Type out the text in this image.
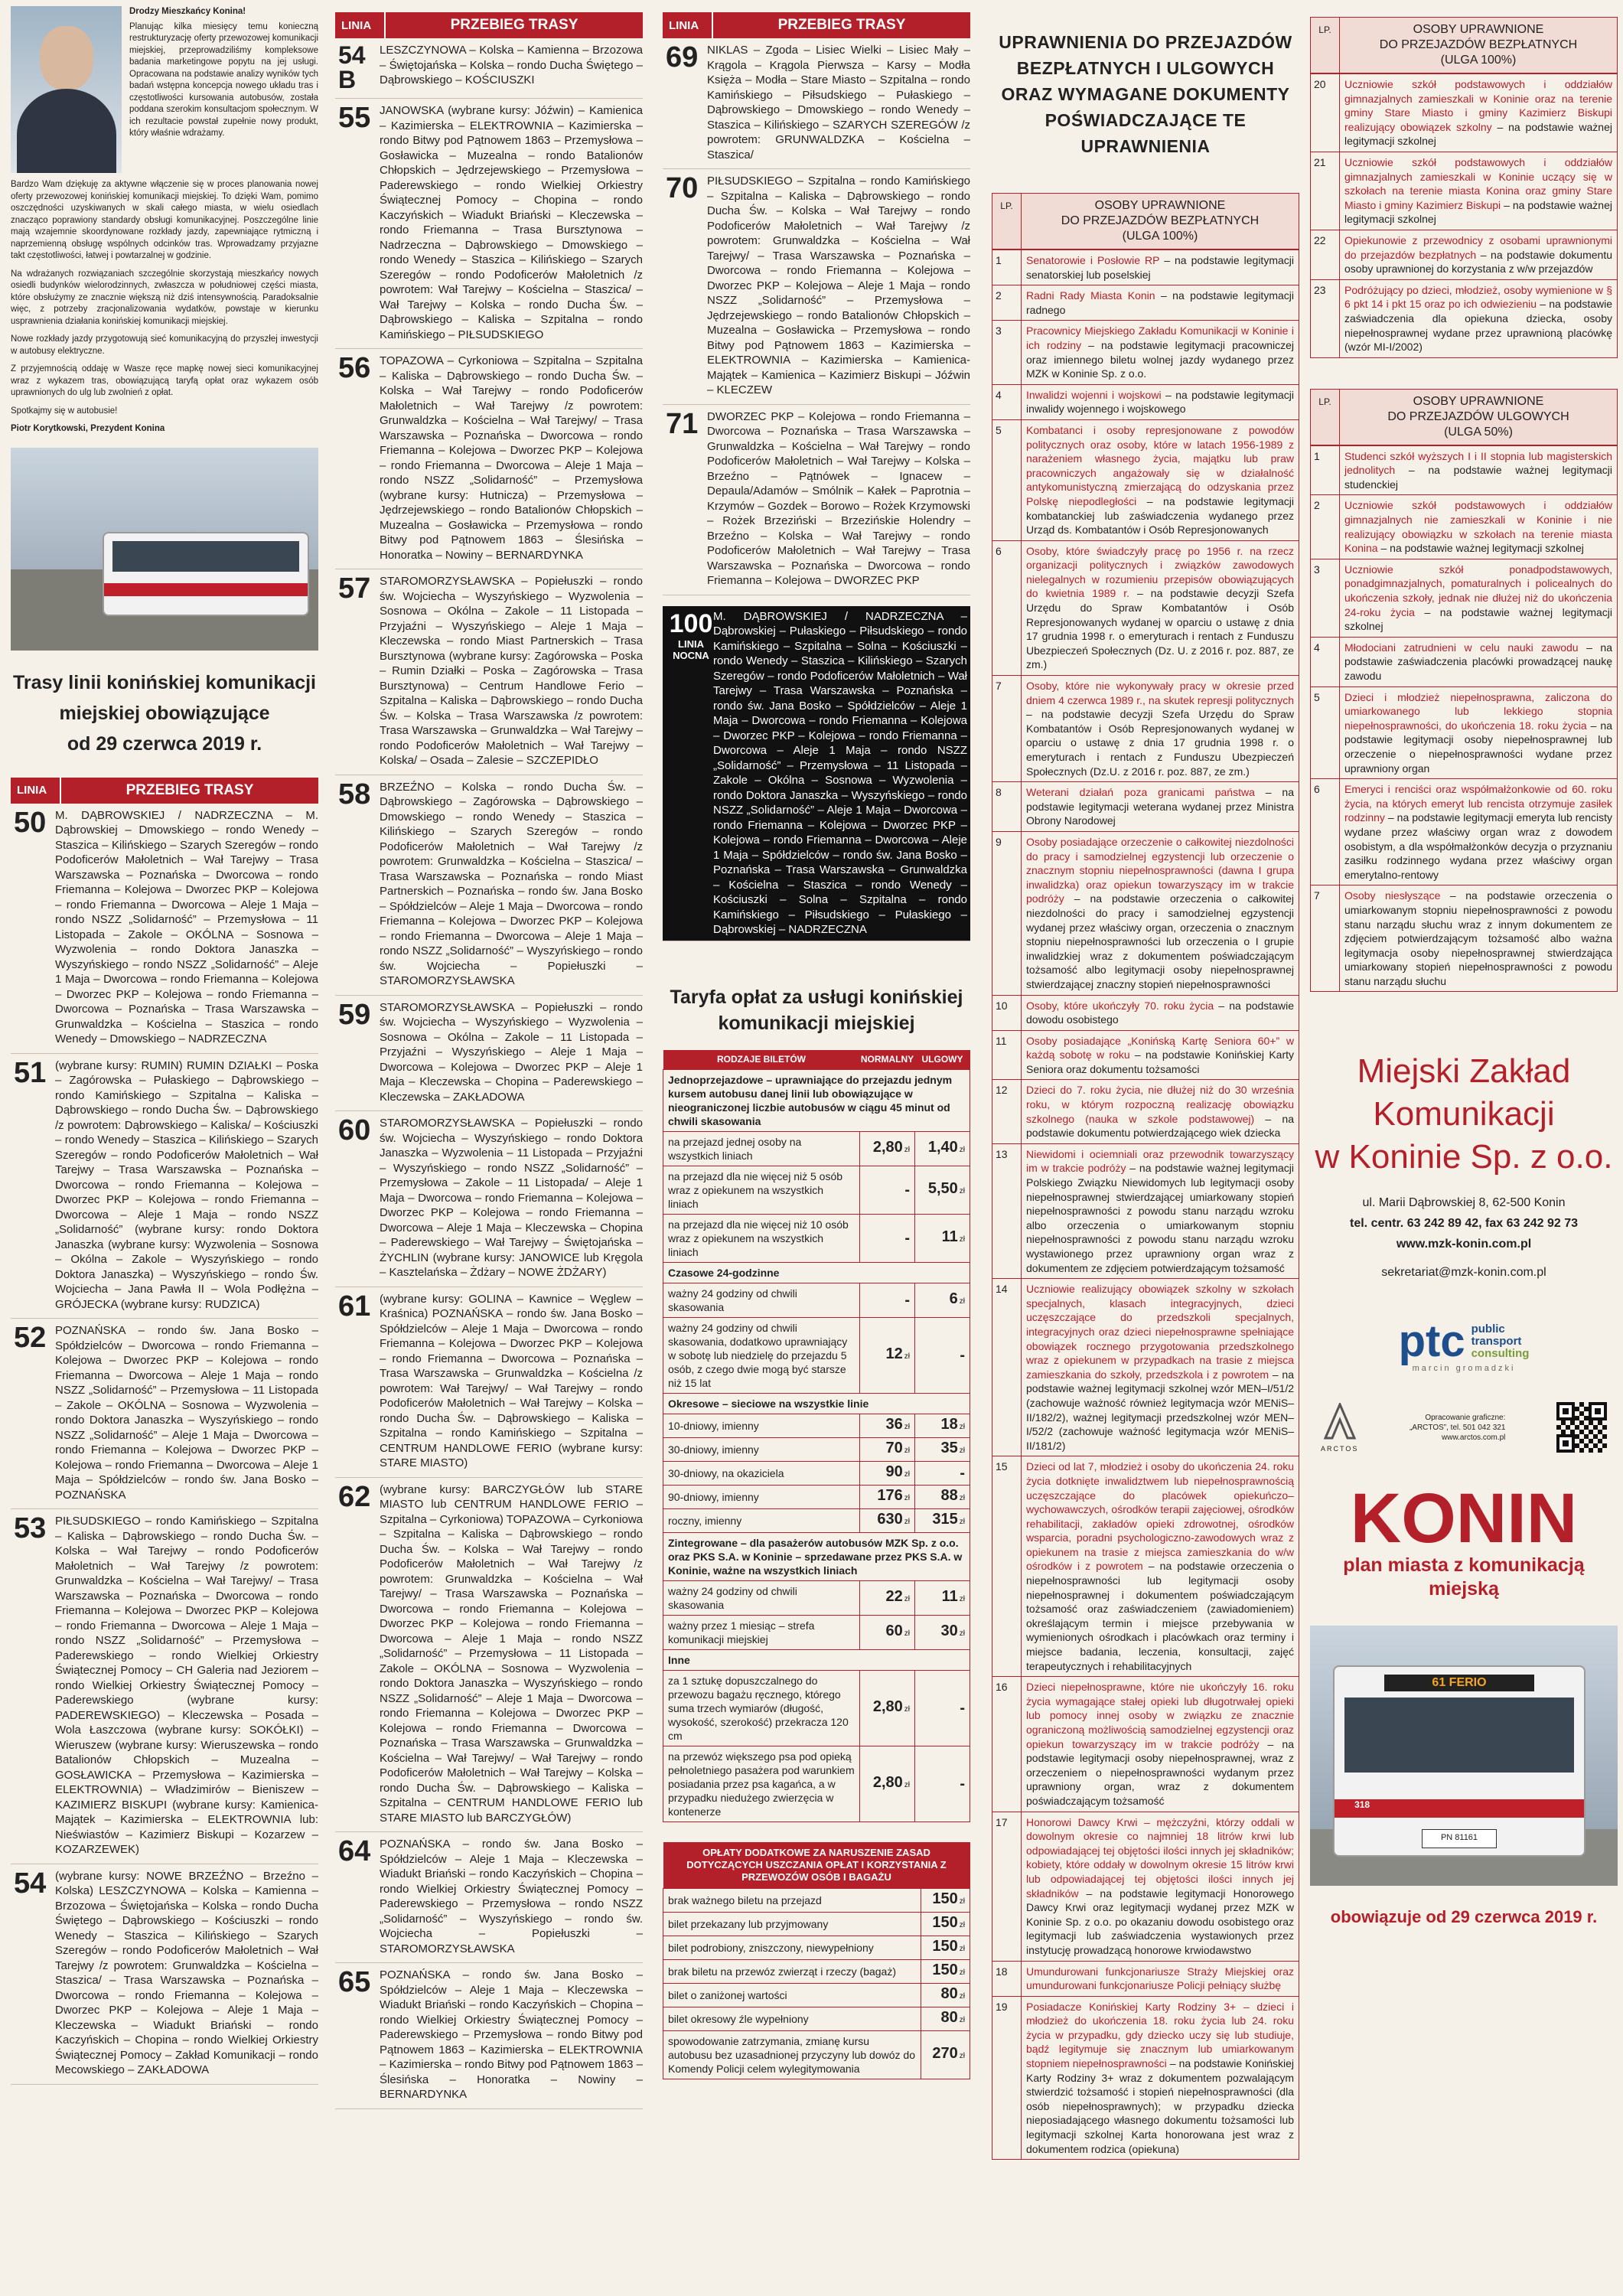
Drodzy Mieszkańcy Konina!
Planując kilka miesięcy temu konieczną restrukturyzację oferty przewozowej komunikacji miejskiej, przeprowadziliśmy kompleksowe badania marketingowe popytu na jej usługi. Opracowana na podstawie analizy wyników tych badań wstępna koncepcja nowego układu tras i częstotliwości kursowania autobusów, została poddana szerokim konsultacjom społecznym. W ich rezultacie powstał zupełnie nowy produkt, który właśnie wdrażamy.
Bardzo Wam dziękuję za aktywne włączenie się w proces planowania nowej oferty przewozowej konińskiej komunikacji miejskiej. To dzięki Wam, pomimo oszczędności uzyskiwanych w skali całego miasta, w wielu osiedlach znacząco poprawiony standardy obsługi komunikacyjnej. Poszczególne linie mają wzajemnie skoordynowane rozkłady jazdy, zapewniające rytmiczną i naprzemienną obsługę wspólnych odcinków tras. Wprowadzamy przyjazne takt częstotliwości, łatwej i powtarzalnej w godzinie.
Na wdrażanych rozwiązaniach szczególnie skorzystają mieszkańcy nowych osiedli budynków wielorodzinnych, zwłaszcza w południowej części miasta, które obsłużymy ze znacznie większą niż dziś intensywnością. Paradoksalnie więc, z potrzeby zracjonalizowania wydatków, powstaje w kierunku usprawnienia działania konińskiej komunikacji miejskiej.
Nowe rozkłady jazdy przygotowują sieć komunikacyjną do przyszłej inwestycji w autobusy elektryczne.
Z przyjemnością oddaję w Wasze ręce mapkę nowej sieci komunikacyjnej wraz z wykazem tras, obowiązującą taryfą opłat oraz wykazem osób uprawnionych do ulg lub zwolnień z opłat.
Spotkajmy się w autobusie!
Piotr Korytkowski, Prezydent Konina
Trasy linii konińskiej komunikacji
miejskiej obowiązujące
od 29 czerwca 2019 r.
LINIA	PRZEBIEG TRASY
50 M. DĄBROWSKIEJ / NADRZECZNA – M. Dąbrowskiej – Dmowskiego – rondo Wenedy – Staszica – Kilińskiego – Szarych Szeregów – rondo Podoficerów Małoletnich – Wał Tarejwy – Trasa Warszawska – Poznańska – Dworcowa – rondo Friemanna – Kolejowa – Dworzec PKP – Kolejowa – rondo Friemanna – Dworcowa – Aleje 1 Maja – rondo NSZZ „Solidarność” – Przemysłowa – 11 Listopada – Zakole – OKÓLNA – Sosnowa – Wyzwolenia – rondo Doktora Janaszka – Wyszyńskiego – rondo NSZZ „Solidarność” – Aleje 1 Maja – Dworcowa – rondo Friemanna – Kolejowa – Dworzec PKP – Kolejowa – rondo Friemanna – Dworcowa – Poznańska – Trasa Warszawska – Grunwaldzka – Kościelna – Staszica – rondo Wenedy – Dmowskiego – NADRZECZNA
51 (wybrane kursy: RUMIN) RUMIN DZIAŁKI – Poska – Zagórowska – Pułaskiego – Dąbrowskiego – rondo Kamińskiego – Szpitalna – Kaliska – Dąbrowskiego – rondo Ducha Św. – Dąbrowskiego /z powrotem: Dąbrowskiego – Kaliska/ – Kościuszki – rondo Wenedy – Staszica – Kilińskiego – Szarych Szeregów – rondo Podoficerów Małoletnich – Wał Tarejwy – Trasa Warszawska – Poznańska – Dworcowa – rondo Friemanna – Kolejowa – Dworzec PKP – Kolejowa – rondo Friemanna – Dworcowa – Aleje 1 Maja – rondo NSZZ „Solidarność” (wybrane kursy: rondo Doktora Janaszka (wybrane kursy: Wyzwolenia – Sosnowa – Okólna – Zakole – Wyszyńskiego – rondo Doktora Janaszka) – Wyszyńskiego – rondo Św. Wojciecha – Jana Pawła II – Wola Podłężna – GRÓJECKA (wybrane kursy: RUDZICA)
52 POZNAŃSKA – rondo św. Jana Bosko – Spółdzielców – Dworcowa – rondo Friemanna – Kolejowa – Dworzec PKP – Kolejowa – rondo Friemanna – Dworcowa – Aleje 1 Maja – rondo NSZZ „Solidarność” – Przemysłowa – 11 Listopada – Zakole – OKÓLNA – Sosnowa – Wyzwolenia – rondo Doktora Janaszka – Wyszyńskiego – rondo NSZZ „Solidarność” – Aleje 1 Maja – Dworcowa – rondo Friemanna – Kolejowa – Dworzec PKP – Kolejowa – rondo Friemanna – Dworcowa – Aleje 1 Maja – Spółdzielców – rondo św. Jana Bosko – POZNAŃSKA
53 PIŁSUDSKIEGO – rondo Kamińskiego – Szpitalna – Kaliska – Dąbrowskiego – rondo Ducha Św. – Kolska – Wał Tarejwy – rondo Podoficerów Małoletnich – Wał Tarejwy /z powrotem: Grunwaldzka – Kościelna – Wał Tarejwy/ – Trasa Warszawska – Poznańska – Dworcowa – rondo Friemanna – Kolejowa – Dworzec PKP – Kolejowa – rondo Friemanna – Dworcowa – Aleje 1 Maja – rondo NSZZ „Solidarność” – Przemysłowa – Paderewskiego – rondo Wielkiej Orkiestry Świątecznej Pomocy – CH Galeria nad Jeziorem – rondo Wielkiej Orkiestry Świątecznej Pomocy – Paderewskiego (wybrane kursy: PADEREWSKIEGO) – Kleczewska – Posada – Wola Łaszczowa (wybrane kursy: SOKÓŁKI) – Wieruszew (wybrane kursy: Wieruszewska – rondo Batalionów Chłopskich – Muzealna – GOSŁAWICKA – Przemysłowa – Kazimierska – ELEKTROWNIA) – Władzimirów – Bieniszew – KAZIMIERZ BISKUPI (wybrane kursy: Kamienica-Majątek – Kazimierska – ELEKTROWNIA lub: Nieświastów – Kazimierz Biskupi – Kozarzew – KOZARZEWEK)
54 (wybrane kursy: NOWE BRZEŹNO – Brzeźno – Kolska) LESZCZYNOWA – Kolska – Kamienna – Brzozowa – Świętojańska – Kolska – rondo Ducha Świętego – Dąbrowskiego – Kościuszki – rondo Wenedy – Staszica – Kilińskiego – Szarych Szeregów – rondo Podoficerów Małoletnich – Wał Tarejwy /z powrotem: Grunwaldzka – Kościelna – Staszica/ – Trasa Warszawska – Poznańska – Dworcowa – rondo Friemanna – Kolejowa – Dworzec PKP – Kolejowa – Aleje 1 Maja – Kleczewska – Wiadukt Briański – rondo Kaczyńskich – Chopina – rondo Wielkiej Orkiestry Świątecznej Pomocy – Zakład Komunikacji – rondo Mecowskiego – ZAKŁADOWA
LINIA	PRZEBIEG TRASY
54 B
LESZCZYNOWA – Kolska – Kamienna – Brzozowa – Świętojańska – Kolska – rondo Ducha Świętego – Dąbrowskiego – KOŚCIUSZKI
55 JANOWSKA (wybrane kursy: Jóźwin) – Kamienica – Kazimierska – ELEKTROWNIA – Kazimierska – rondo Bitwy pod Pątnowem 1863 – Przemysłowa – Gosławicka – Muzealna – rondo Batalionów Chłopskich – Jędrzejewskiego – Przemysłowa – Paderewskiego – rondo Wielkiej Orkiestry Świątecznej Pomocy – Chopina – rondo Kaczyńskich – Wiadukt Briański – Kleczewska – rondo Friemanna – Trasa Bursztynowa – Nadrzeczna – Dąbrowskiego – Dmowskiego – rondo Wenedy – Staszica – Kilińskiego – Szarych Szeregów – rondo Podoficerów Małoletnich /z powrotem: Wał Tarejwy – Kościelna – Staszica/ – Wał Tarejwy – Kolska – rondo Ducha Św. – Dąbrowskiego – Kaliska – Szpitalna – rondo Kamińskiego – PIŁSUDSKIEGO
56 TOPAZOWA – Cyrkoniowa – Szpitalna – Szpitalna – Kaliska – Dąbrowskiego – rondo Ducha Św. – Kolska – Wał Tarejwy – rondo Podoficerów Małoletnich – Wał Tarejwy /z powrotem: Grunwaldzka – Kościelna – Wał Tarejwy/ – Trasa Warszawska – Poznańska – Dworcowa – rondo Friemanna – Kolejowa – Dworzec PKP – Kolejowa – rondo Friemanna – Dworcowa – Aleje 1 Maja – rondo NSZZ „Solidarność” – Przemysłowa (wybrane kursy: Hutnicza) – Przemysłowa – Jędrzejewskiego – rondo Batalionów Chłopskich – Muzealna – Gosławicka – Przemysłowa – rondo Bitwy pod Pątnowem 1863 – Ślesińska – Honoratka – Nowiny – BERNARDYNKA
57 STAROMORZYSŁAWSKA – Popiełuszki – rondo św. Wojciecha – Wyszyńskiego – Wyzwolenia – Sosnowa – Okólna – Zakole – 11 Listopada – Przyjaźni – Wyszyńskiego – Aleje 1 Maja – Kleczewska – rondo Miast Partnerskich – Trasa Bursztynowa (wybrane kursy: Zagórowska – Poska – Rumin Działki – Poska – Zagórowska – Trasa Bursztynowa) – Centrum Handlowe Ferio – Szpitalna – Kaliska – Dąbrowskiego – rondo Ducha Św. – Kolska – Trasa Warszawska /z powrotem: Trasa Warszawska – Grunwaldzka – Wał Tarejwy – rondo Podoficerów Małoletnich – Wał Tarejwy – Kolska/ – Osada – Zalesie – SZCZEPIDŁO
58 BRZEŹNO – Kolska – rondo Ducha Św. – Dąbrowskiego – Zagórowska – Dąbrowskiego – Dmowskiego – rondo Wenedy – Staszica – Kilińskiego – Szarych Szeregów – rondo Podoficerów Małoletnich – Wał Tarejwy /z powrotem: Grunwaldzka – Kościelna – Staszica/ – Trasa Warszawska – Poznańska – rondo Miast Partnerskich – Poznańska – rondo św. Jana Bosko – Spółdzielców – Aleje 1 Maja – Dworcowa – rondo Friemanna – Kolejowa – Dworzec PKP – Kolejowa – rondo Friemanna – Dworcowa – Aleje 1 Maja – rondo NSZZ „Solidarność” – Wyszyńskiego – rondo św. Wojciecha – Popiełuszki – STAROMORZYSŁAWSKA
59 STAROMORZYSŁAWSKA – Popiełuszki – rondo św. Wojciecha – Wyszyńskiego – Wyzwolenia – Sosnowa – Okólna – Zakole – 11 Listopada – Przyjaźni – Wyszyńskiego – Aleje 1 Maja – Dworcowa – Kolejowa – Dworzec PKP – Aleje 1 Maja – Kleczewska – Chopina – Paderewskiego – Kleczewska – ZAKŁADOWA
60 STAROMORZYSŁAWSKA – Popiełuszki – rondo św. Wojciecha – Wyszyńskiego – rondo Doktora Janaszka – Wyzwolenia – 11 Listopada – Przyjaźni – Wyszyńskiego – rondo NSZZ „Solidarność” – Przemysłowa – Zakole – 11 Listopada/ – Aleje 1 Maja – Dworcowa – rondo Friemanna – Kolejowa – Dworzec PKP – Kolejowa – rondo Friemanna – Dworcowa – Aleje 1 Maja – Kleczewska – Chopina – Paderewskiego – Wał Tarejwy – Świętojańska – ŻYCHLIN (wybrane kursy: JANOWICE lub Kręgola – Kasztelańska – Żdżary – NOWE ŻDŻARY)
61 (wybrane kursy: GOLINA – Kawnice – Węglew – Kraśnica) POZNAŃSKA – rondo św. Jana Bosko – Spółdzielców – Aleje 1 Maja – Dworcowa – rondo Friemanna – Kolejowa – Dworzec PKP – Kolejowa – rondo Friemanna – Dworcowa – Poznańska – Trasa Warszawska – Grunwaldzka – Kościelna /z powrotem: Wał Tarejwy/ – Wał Tarejwy – rondo Podoficerów Małoletnich – Wał Tarejwy – Kolska – rondo Ducha Św. – Dąbrowskiego – Kaliska – Szpitalna – rondo Kamińskiego – Szpitalna – CENTRUM HANDLOWE FERIO (wybrane kursy: STARE MIASTO)
62 (wybrane kursy: BARCZYGŁÓW lub STARE MIASTO lub CENTRUM HANDLOWE FERIO – Szpitalna – Cyrkoniowa) TOPAZOWA – Cyrkoniowa – Szpitalna – Kaliska – Dąbrowskiego – rondo Ducha Św. – Kolska – Wał Tarejwy – rondo Podoficerów Małoletnich – Wał Tarejwy /z powrotem: Grunwaldzka – Kościelna – Wał Tarejwy/ – Trasa Warszawska – Poznańska – Dworcowa – rondo Friemanna – Kolejowa – Dworzec PKP – Kolejowa – rondo Friemanna – Dworcowa – Aleje 1 Maja – rondo NSZZ „Solidarność” – Przemysłowa – 11 Listopada – Zakole – OKÓLNA – Sosnowa – Wyzwolenia – rondo Doktora Janaszka – Wyszyńskiego – rondo NSZZ „Solidarność” – Aleje 1 Maja – Dworcowa – rondo Friemanna – Kolejowa – Dworzec PKP – Kolejowa – rondo Friemanna – Dworcowa – Poznańska – Trasa Warszawska – Grunwaldzka – Kościelna – Wał Tarejwy/ – Wał Tarejwy – rondo Podoficerów Małoletnich – Wał Tarejwy – Kolska – rondo Ducha Św. – Dąbrowskiego – Kaliska – Szpitalna – CENTRUM HANDLOWE FERIO lub STARE MIASTO lub BARCZYGŁÓW)
64 POZNAŃSKA – rondo św. Jana Bosko – Spółdzielców – Aleje 1 Maja – Kleczewska – Wiadukt Briański – rondo Kaczyńskich – Chopina – rondo Wielkiej Orkiestry Świątecznej Pomocy – Paderewskiego – Przemysłowa – rondo NSZZ „Solidarność” – Wyszyńskiego – rondo św. Wojciecha – Popiełuszki – STAROMORZYSŁAWSKA
65 POZNAŃSKA – rondo św. Jana Bosko – Spółdzielców – Aleje 1 Maja – Kleczewska – Wiadukt Briański – rondo Kaczyńskich – Chopina – rondo Wielkiej Orkiestry Świątecznej Pomocy – Paderewskiego – Przemysłowa – rondo Bitwy pod Pątnowem 1863 – Kazimierska – ELEKTROWNIA – Kazimierska – rondo Bitwy pod Pątnowem 1863 – Ślesińska – Honoratka – Nowiny – BERNARDYNKA
LINIA	PRZEBIEG TRASY
69 NIKLAS – Zgoda – Lisiec Wielki – Lisiec Mały – Krągola – Krągola Pierwsza – Karsy – Modła Księża – Modła – Stare Miasto – Szpitalna – rondo Kamińskiego – Piłsudskiego – Pułaskiego – Dąbrowskiego – Dmowskiego – rondo Wenedy – Staszica – Kilińskiego – SZARYCH SZEREGÓW /z powrotem: GRUNWALDZKA – Kościelna – Staszica/
70 PIŁSUDSKIEGO – Szpitalna – rondo Kamińskiego – Szpitalna – Kaliska – Dąbrowskiego – rondo Ducha Św. – Kolska – Wał Tarejwy – rondo Podoficerów Małoletnich – Wał Tarejwy /z powrotem: Grunwaldzka – Kościelna – Wał Tarejwy/ – Trasa Warszawska – Poznańska – Dworcowa – rondo Friemanna – Kolejowa – Dworzec PKP – Kolejowa – Aleje 1 Maja – rondo NSZZ „Solidarność” – Przemysłowa – Jędrzejewskiego – rondo Batalionów Chłopskich – Muzealna – Gosławicka – Przemysłowa – rondo Bitwy pod Pątnowem 1863 – Kazimierska – ELEKTROWNIA – Kazimierska – Kamienica-Majątek – Kamienica – Kazimierz Biskupi – Jóźwin – KLECZEW
71 DWORZEC PKP – Kolejowa – rondo Friemanna – Dworcowa – Poznańska – Trasa Warszawska – Grunwaldzka – Kościelna – Wał Tarejwy – rondo Podoficerów Małoletnich – Wał Tarejwy – Kolska – Brzeźno – Pątnówek – Ignacew – Depaula/Adamów – Smólnik – Kałek – Paprotnia – Krzymów – Gozdek – Borowo – Rożek Krzymowski – Rożek Brzeziński – Brzezińskie Holendry – Brzeźno – Kolska – Wał Tarejwy – rondo Podoficerów Małoletnich – Wał Tarejwy – Trasa Warszawska – Poznańska – Dworcowa – rondo Friemanna – Kolejowa – DWORZEC PKP
100
LINIA
NOCNA
M. DĄBROWSKIEJ / NADRZECZNA – Dąbrowskiej – Pułaskiego – Piłsudskiego – rondo Kamińskiego – Szpitalna – Solna – Kościuszki – rondo Wenedy – Staszica – Kilińskiego – Szarych Szeregów – rondo Podoficerów Małoletnich – Wał Tarejwy – Trasa Warszawska – Poznańska – rondo św. Jana Bosko – Spółdzielców – Aleje 1 Maja – Dworcowa – rondo Friemanna – Kolejowa – Dworzec PKP – Kolejowa – rondo Friemanna – Dworcowa – Aleje 1 Maja – rondo NSZZ „Solidarność” – Przemysłowa – 11 Listopada – Zakole – Okólna – Sosnowa – Wyzwolenia – rondo Doktora Janaszka – Wyszyńskiego – rondo NSZZ „Solidarność” – Aleje 1 Maja – Dworcowa – rondo Friemanna – Kolejowa – Dworzec PKP – Kolejowa – rondo Friemanna – Dworcowa – Aleje 1 Maja – Spółdzielców – rondo św. Jana Bosko – Poznańska – Trasa Warszawska – Grunwaldzka – Kościelna – Staszica – rondo Wenedy – Kościuszki – Solna – Szpitalna – rondo Kamińskiego – Piłsudskiego – Pułaskiego – Dąbrowskiej – NADRZECZNA
Taryfa opłat za usługi konińskiej
komunikacji miejskiej
RODZAJE BILETÓW	NORMALNY	ULGOWY
Jednoprzejazdowe – uprawniające do przejazdu jednym kursem autobusu danej linii lub obowiązujące w nieograniczonej liczbie autobusów w ciągu 45 minut od chwili skasowania		
na przejazd jednej osoby na wszystkich liniach	2,80 zł	1,40 zł
na przejazd dla nie więcej niż 5 osób wraz z opiekunem na wszystkich liniach	-	5,50 zł
na przejazd dla nie więcej niż 10 osób wraz z opiekunem na wszystkich liniach	-	11 zł
Czasowe 24-godzinne		
ważny 24 godziny od chwili skasowania	-	6 zł
ważny 24 godziny od chwili skasowania, dodatkowo uprawniający w sobotę lub niedzielę do przejazdu 5 osób, z czego dwie mogą być starsze niż 15 lat	12 zł	-
Okresowe – sieciowe na wszystkie linie		
10-dniowy, imienny	36 zł	18 zł
30-dniowy, imienny	70 zł	35 zł
30-dniowy, na okaziciela	90 zł	-
90-dniowy, imienny	176 zł	88 zł
roczny, imienny	630 zł	315 zł
Zintegrowane – dla pasażerów autobusów MZK Sp. z o.o. oraz PKS S.A. w Koninie – sprzedawane przez PKS S.A. w Koninie, ważne na wszystkich liniach		
ważny 24 godziny od chwili skasowania	22 zł	11 zł
ważny przez 1 miesiąc – strefa komunikacji miejskiej	60 zł	30 zł
Inne		
za 1 sztukę dopuszczalnego do przewozu bagażu ręcznego, którego suma trzech wymiarów (długość, wysokość, szerokość) przekracza 120 cm	2,80 zł	-
na przewóz większego psa pod opieką pełnoletniego pasażera pod warunkiem posiadania przez psa kagańca, a w przypadku niedużego zwierzęcia w kontenerze	2,80 zł	-
OPŁATY DODATKOWE ZA NARUSZENIE ZASAD DOTYCZĄCYCH USZCZANIA OPŁAT I KORZYSTANIA Z PRZEWOZÓW OSÓB I BAGAŻU	
brak ważnego biletu na przejazd	150 zł
bilet przekazany lub przyjmowany	150 zł
bilet podrobiony, zniszczony, niewypełniony	150 zł
brak biletu na przewóz zwierząt i rzeczy (bagaż)	150 zł
bilet o zaniżonej wartości	80 zł
bilet okresowy źle wypełniony	80 zł
spowodowanie zatrzymania, zmianę kursu autobusu bez uzasadnionej przyczyny lub dowóz do Komendy Policji celem wylegitymowania	270 zł
UPRAWNIENIA DO PRZEJAZDÓW
BEZPŁATNYCH I ULGOWYCH
ORAZ WYMAGANE DOKUMENTY
POŚWIADCZAJĄCE TE UPRAWNIENIA
LP.	OSOBY UPRAWNIONE
DO PRZEJAZDÓW BEZPŁATNYCH
(ULGA 100%)
1	Senatorowie i Posłowie RP – na podstawie legitymacji senatorskiej lub poselskiej
2	Radni Rady Miasta Konin – na podstawie legitymacji radnego
3	Pracownicy Miejskiego Zakładu Komunikacji w Koninie i ich rodziny – na podstawie legitymacji pracowniczej oraz imiennego biletu wolnej jazdy wydanego przez MZK w Koninie Sp. z o.o.
4	Inwalidzi wojenni i wojskowi – na podstawie legitymacji inwalidy wojennego i wojskowego
5	Kombatanci i osoby represjonowane z powodów politycznych oraz osoby, które w latach 1956-1989 z narażeniem własnego życia, majątku lub praw pracowniczych angażowały się w działalność antykomunistyczną zmierzającą do odzyskania przez Polskę niepodległości – na podstawie legitymacji kombatanckiej lub zaświadczenia wydanego przez Urząd ds. Kombatantów i Osób Represjonowanych
6	Osoby, które świadczyły pracę po 1956 r. na rzecz organizacji politycznych i związków zawodowych nielegalnych w rozumieniu przepisów obowiązujących do kwietnia 1989 r. – na podstawie decyzji Szefa Urzędu do Spraw Kombatantów i Osób Represjonowanych wydanej w oparciu o ustawę z dnia 17 grudnia 1998 r. o emeryturach i rentach z Funduszu Ubezpieczeń Społecznych (Dz. U. z 2016 r. poz. 887, ze zm.)
7	Osoby, które nie wykonywały pracy w okresie przed dniem 4 czerwca 1989 r., na skutek represji politycznych – na podstawie decyzji Szefa Urzędu do Spraw Kombatantów i Osób Represjonowanych wydanej w oparciu o ustawę z dnia 17 grudnia 1998 r. o emeryturach i rentach z Funduszu Ubezpieczeń Społecznych (Dz.U. z 2016 r. poz. 887, ze zm.)
8	Weterani działań poza granicami państwa – na podstawie legitymacji weterana wydanej przez Ministra Obrony Narodowej
9	Osoby posiadające orzeczenie o całkowitej niezdolności do pracy i samodzielnej egzystencji lub orzeczenie o znacznym stopniu niepełnosprawności (dawna I grupa inwalidzka) oraz opiekun towarzyszący im w trakcie podróży – na podstawie orzeczenia o całkowitej niezdolności do pracy i samodzielnej egzystencji wydanej przez właściwy organ, orzeczenia o znacznym stopniu niepełnosprawności lub orzeczenia o I grupie inwalidzkiej wraz z dokumentem poświadczającym tożsamość albo legitymacji osoby niepełnosprawnej stwierdzającej znaczny stopień niepełnosprawności
10	Osoby, które ukończyły 70. roku życia – na podstawie dowodu osobistego
11	Osoby posiadające „Konińską Kartę Seniora 60+” w każdą sobotę w roku – na podstawie Konińskiej Karty Seniora oraz dokumentu tożsamości
12	Dzieci do 7. roku życia, nie dłużej niż do 30 września roku, w którym rozpoczną realizację obowiązku szkolnego (nauka w szkole podstawowej) – na podstawie dokumentu potwierdzającego wiek dziecka
13	Niewidomi i ociemniali oraz przewodnik towarzyszący im w trakcie podróży – na podstawie ważnej legitymacji Polskiego Związku Niewidomych lub legitymacji osoby niepełnosprawnej stwierdzającej umiarkowany stopień niepełnosprawności z powodu stanu narządu wzroku albo orzeczenia o umiarkowanym stopniu niepełnosprawności z powodu stanu narządu wzroku wystawionego przez uprawniony organ wraz z dokumentem ze zdjęciem potwierdzającym tożsamość
14	Uczniowie realizujący obowiązek szkolny w szkołach specjalnych, klasach integracyjnych, dzieci uczęszczające do przedszkoli specjalnych, integracyjnych oraz dzieci niepełnosprawne spełniające obowiązek rocznego przygotowania przedszkolnego wraz z opiekunem w przypadkach na trasie z miejsca zamieszkania do szkoły, przedszkola i z powrotem – na podstawie ważnej legitymacji szkolnej wzór MEN–I/51/2 (zachowuje ważność również legitymacja wzór MENiS–II/182/2), ważnej legitymacji przedszkolnej wzór MEN–I/52/2 (zachowuje ważność legitymacja wzór MENiS–II/181/2)
15	Dzieci od lat 7, młodzież i osoby do ukończenia 24. roku życia dotknięte inwalidztwem lub niepełnosprawnością uczęszczające do placówek opiekuńczo–wychowawczych, ośrodków terapii zajęciowej, ośrodków rehabilitacji, zakładów opieki zdrowotnej, ośrodków wsparcia, poradni psychologiczno-zawodowych wraz z opiekunem na trasie z miejsca zamieszkania do w/w ośrodków i z powrotem – na podstawie orzeczenia o niepełnosprawności lub legitymacji osoby niepełnosprawnej i dokumentem poświadczającym tożsamość oraz zaświadczeniem (zawiadomieniem) określającym termin i miejsce przebywania w wymienionych ośrodkach i placówkach oraz terminy i miejsce badania, leczenia, konsultacji, zajęć terapeutycznych i rehabilitacyjnych
16	Dzieci niepełnosprawne, które nie ukończyły 16. roku życia wymagające stałej opieki lub długotrwałej opieki lub pomocy innej osoby w związku ze znacznie ograniczoną możliwością samodzielnej egzystencji oraz opiekun towarzyszący im w trakcie podróży – na podstawie legitymacji osoby niepełnosprawnej, wraz z orzeczeniem o niepełnosprawności wydanym przez uprawniony organ, wraz z dokumentem poświadczającym tożsamość
17	Honorowi Dawcy Krwi – mężczyźni, którzy oddali w dowolnym okresie co najmniej 18 litrów krwi lub odpowiadającej tej objętości ilości innych jej składników; kobiety, które oddały w dowolnym okresie 15 litrów krwi lub odpowiadającej tej objętości ilości innych jej składników – na podstawie legitymacji Honorowego Dawcy Krwi oraz legitymacji wydanej przez MZK w Koninie Sp. z o.o. po okazaniu dowodu osobistego oraz legitymacji lub zaświadczenia wystawionych przez instytucję prowadzącą honorowe krwiodawstwo
18	Umundurowani funkcjonariusze Straży Miejskiej oraz umundurowani funkcjonariusze Policji pełniący służbę
19	Posiadacze Konińskiej Karty Rodziny 3+ – dzieci i młodzież do ukończenia 18. roku życia lub 24. roku życia w przypadku, gdy dziecko uczy się lub studiuje, bądź legitymuje się znacznym lub umiarkowanym stopniem niepełnosprawności – na podstawie Konińskiej Karty Rodziny 3+ wraz z dokumentem pozwalającym stwierdzić tożsamość i stopień niepełnosprawności (dla osób niepełnosprawnych); w przypadku dziecka nieposiadającego własnego dokumentu tożsamości lub legitymacji szkolnej Karta honorowana jest wraz z dokumentem rodzica (opiekuna)
LP.	OSOBY UPRAWNIONE
DO PRZEJAZDÓW BEZPŁATNYCH
(ULGA 100%)
20	Uczniowie szkół podstawowych i oddziałów gimnazjalnych zamieszkali w Koninie oraz na terenie gminy Stare Miasto i gminy Kazimierz Biskupi realizujący obowiązek szkolny – na podstawie ważnej legitymacji szkolnej
21	Uczniowie szkół podstawowych i oddziałów gimnazjalnych zamieszkali w Koninie uczący się w szkołach na terenie miasta Konina oraz gminy Stare Miasto i gminy Kazimierz Biskupi – na podstawie ważnej legitymacji szkolnej
22	Opiekunowie z przewodnicy z osobami uprawnionymi do przejazdów bezpłatnych – na podstawie dokumentu osoby uprawnionej do korzystania z w/w przejazdów
23	Podróżujący po dzieci, młodzież, osoby wymienione w § 6 pkt 14 i pkt 15 oraz po ich odwiezieniu – na podstawie zaświadczenia dla opiekuna dziecka, osoby niepełnosprawnej wydane przez uprawnioną placówkę (wzór MI-I/2002)
LP.	OSOBY UPRAWNIONE
DO PRZEJAZDÓW ULGOWYCH
(ULGA 50%)
1	Studenci szkół wyższych I i II stopnia lub magisterskich jednolitych – na podstawie ważnej legitymacji studenckiej
2	Uczniowie szkół podstawowych i oddziałów gimnazjalnych nie zamieszkali w Koninie i nie realizujący obowiązku w szkołach na terenie miasta Konina – na podstawie ważnej legitymacji szkolnej
3	Uczniowie szkół ponadpodstawowych, ponadgimnazjalnych, pomaturalnych i policealnych do ukończenia szkoły, jednak nie dłużej niż do ukończenia 24-roku życia – na podstawie ważnej legitymacji szkolnej
4	Młodociani zatrudnieni w celu nauki zawodu – na podstawie zaświadczenia placówki prowadzącej naukę zawodu
5	Dzieci i młodzież niepełnosprawna, zaliczona do umiarkowanego lub lekkiego stopnia niepełnosprawności, do ukończenia 18. roku życia – na podstawie legitymacji osoby niepełnosprawnej lub orzeczenie o niepełnosprawności wydane przez uprawniony organ
6	Emeryci i renciści oraz współmałżonkowie od 60. roku życia, na których emeryt lub rencista otrzymuje zasiłek rodzinny – na podstawie legitymacji emeryta lub rencisty wydane przez właściwy organ wraz z dowodem osobistym, a dla współmałżonków decyzja o przyznaniu zasiłku rodzinnego wydana przez właściwy organ emerytalno-rentowy
7	Osoby niesłyszące – na podstawie orzeczenia o umiarkowanym stopniu niepełnosprawności z powodu stanu narządu słuchu wraz z innym dokumentem ze zdjęciem potwierdzającym tożsamość albo ważna legitymacja osoby niepełnosprawnej stwierdzająca umiarkowany stopień niepełnosprawności z powodu stanu narządu słuchu
Miejski Zakład
Komunikacji
w Koninie Sp. z o.o.
ul. Marii Dąbrowskiej 8, 62-500 Konin
tel. centr. 63 242 89 42, fax 63 242 92 73
www.mzk-konin.com.pl
sekretariat@mzk-konin.com.pl
ptc public
transport
consulting
marcin gromadzki
ARCTOS
Opracowanie graficzne:
„ARCTOS”, tel. 501 042 321
www.arctos.com.pl
KONIN
plan miasta z komunikacją
miejską
61 FERIO
318
PN 81161
obowiązuje od 29 czerwca 2019 r.
